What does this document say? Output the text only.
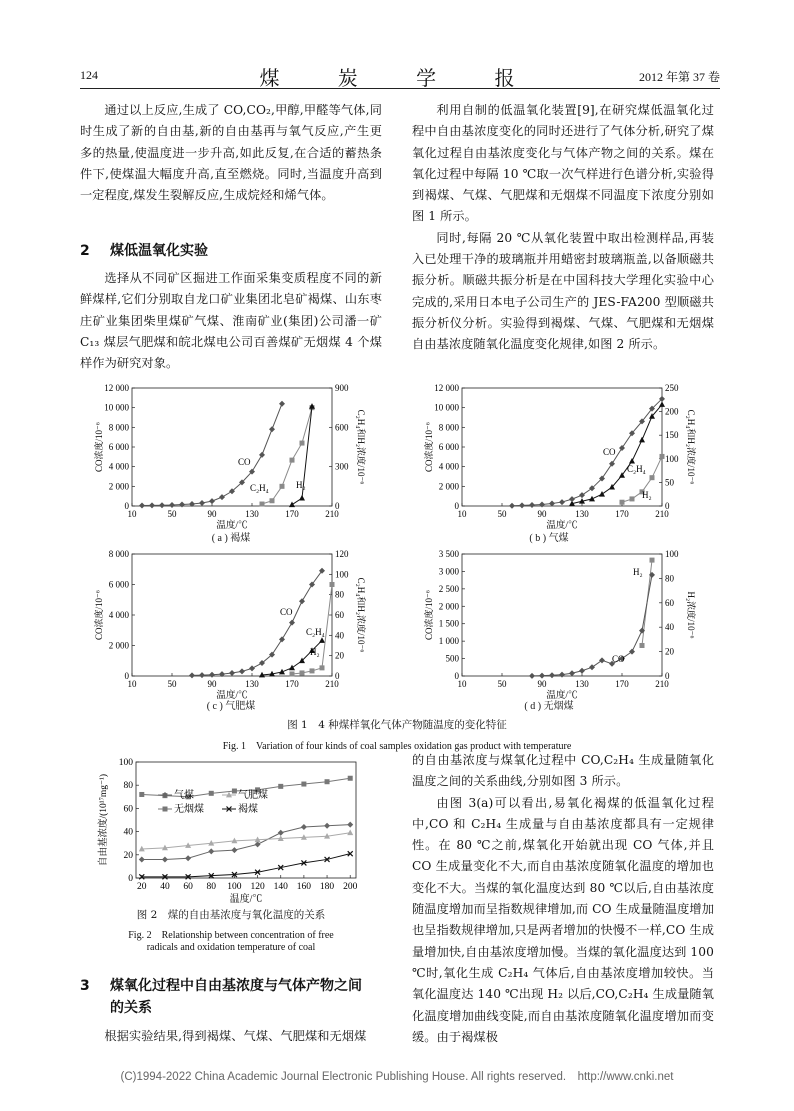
124	煤 炭 学 报	2012 年第 37 卷

通过以上反应,生成了 CO,CO₂,甲醇,甲醛等气体,同时生成了新的自由基,新的自由基再与氧气反应,产生更多的热量,使温度进一步升高,如此反复,在合适的蓄热条件下,使煤温大幅度升高,直至燃烧。同时,当温度升高到一定程度,煤发生裂解反应,生成烷烃和烯气体。

2 煤低温氧化实验

选择从不同矿区掘进工作面采集变质程度不同的新鲜煤样,它们分别取自龙口矿业集团北皂矿褐煤、山东枣庄矿业集团柴里煤矿气煤、淮南矿业(集团)公司潘一矿 C₁₃ 煤层气肥煤和皖北煤电公司百善煤矿无烟煤 4 个煤样作为研究对象。

利用自制的低温氧化装置[9],在研究煤低温氧化过程中自由基浓度变化的同时还进行了气体分析,研究了煤氧化过程自由基浓度变化与气体产物之间的关系。煤在氧化过程中每隔 10 ℃取一次气样进行色谱分析,实验得到褐煤、气煤、气肥煤和无烟煤不同温度下浓度分别如图 1 所示。

同时,每隔 20 ℃从氧化装置中取出检测样品,再装入已处理干净的玻璃瓶并用蜡密封玻璃瓶盖,以备顺磁共振分析。顺磁共振分析是在中国科技大学理化实验中心完成的,采用日本电子公司生产的 JES-FA200 型顺磁共振分析仪分析。实验得到褐煤、气煤、气肥煤和无烟煤自由基浓度随氧化温度变化规律,如图 2 所示。

0
2 000
4 000
6 000
8 000
10 000
12 000
0
300
600
900
10	50	90	130	170	210
温度/℃
CO浓度/10⁻⁶	C₂H₄和H₂浓度/10⁻⁶
CO
C₂H₄	H₂
( a ) 褐煤
0
2 000
4 000
6 000
8 000
10 000
12 000
0
50
100
150
200
250
10	50	90	130	170	210
温度/℃
CO浓度/10⁻⁶	C₂H₄和H₂浓度/10⁻⁶
CO
C₂H₄
H₂
( b ) 气煤
0
2 000
4 000
6 000
8 000
0
20
40
60
80
100
120
10	50	90	130	170	210
温度/℃
CO浓度/10⁻⁶	C₂H₄和H₂浓度/10⁻⁶
CO
C₂H₄
H₂
( c ) 气肥煤
0
500
1 000
1 500
2 000
2 500
3 000
3 500
0
20
40
60
80
100
10	50	90	130	170	210
温度/℃
CO浓度/10⁻⁶	H₂浓度/10⁻⁶
H₂
CO
( d ) 无烟煤
图 1　4 种煤样氧化气体产物随温度的变化特征
Fig. 1　Variation of four kinds of coal samples oxidation gas product with temperature
0
20
40
60
80
100
20 40 60 80 100 120 140 160 180 200
温度/℃
自由基浓度/(10¹⁷mg⁻¹)	气煤	气肥煤
无烟煤	褐煤
图 2　煤的自由基浓度与氧化温度的关系
Fig. 2　Relationship between concentration of free
radicals and oxidation temperature of coal
3 煤氧化过程中自由基浓度与气体产物之间
的关系

根据实验结果,得到褐煤、气煤、气肥煤和无烟煤

的自由基浓度与煤氧化过程中 CO,C₂H₄ 生成量随氧化温度之间的关系曲线,分别如图 3 所示。

由图 3(a)可以看出,易氧化褐煤的低温氧化过程中,CO 和 C₂H₄ 生成量与自由基浓度都具有一定规律性。在 80 ℃之前,煤氧化开始就出现 CO 气体,并且 CO 生成量变化不大,而自由基浓度随氧化温度的增加也变化不大。当煤的氧化温度达到 80 ℃以后,自由基浓度随温度增加而呈指数规律增加,而 CO 生成量随温度增加也呈指数规律增加,只是两者增加的快慢不一样,CO 生成量增加快,自由基浓度增加慢。当煤的氧化温度达到 100 ℃时,氧化生成 C₂H₄ 气体后,自由基浓度增加较快。当氧化温度达 140 ℃出现 H₂ 以后,CO,C₂H₄ 生成量随氧化温度增加曲线变陡,而自由基浓度随氧化温度增加而变缓。由于褐煤极

(C)1994-2022 China Academic Journal Electronic Publishing House. All rights reserved.　http://www.cnki.net
